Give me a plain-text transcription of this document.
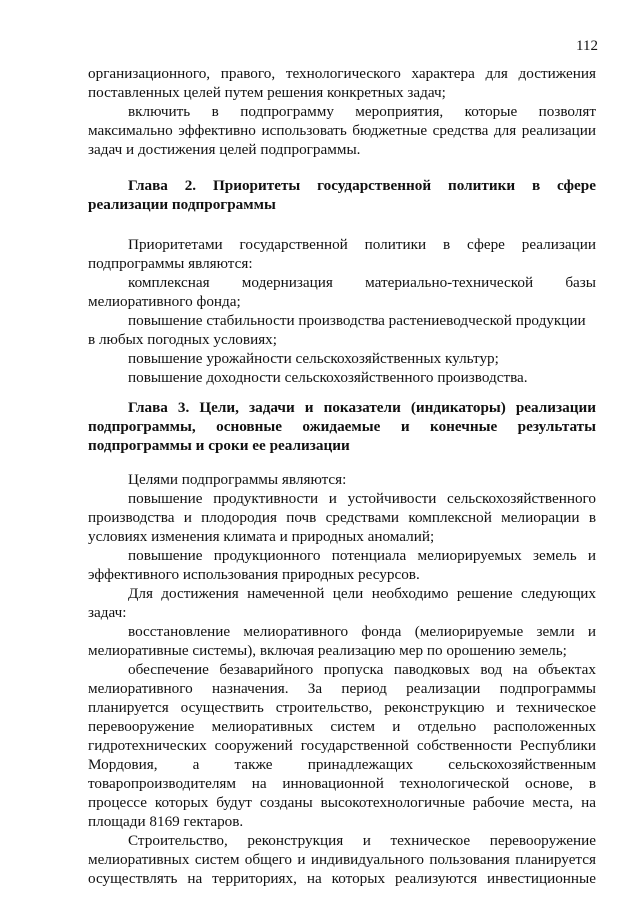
112
организационного, правого, технологического характера для достижения
поставленных целей путем решения конкретных задач;
включить в подпрограмму мероприятия, которые позволят
максимально эффективно использовать бюджетные средства для реализации
задач и достижения целей подпрограммы.
Глава 2. Приоритеты государственной политики в сфере
реализации подпрограммы
Приоритетами государственной политики в сфере реализации
подпрограммы являются:
комплексная модернизация материально-технической базы
мелиоративного фонда;
повышение стабильности производства растениеводческой продукции
в любых погодных условиях;
повышение урожайности сельскохозяйственных культур;
повышение доходности сельскохозяйственного производства.
Глава 3. Цели, задачи и показатели (индикаторы) реализации
подпрограммы, основные ожидаемые и конечные результаты
подпрограммы и сроки ее реализации
Целями подпрограммы являются:
повышение продуктивности и устойчивости сельскохозяйственного
производства и плодородия почв средствами комплексной мелиорации в
условиях изменения климата и природных аномалий;
повышение продукционного потенциала мелиорируемых земель и
эффективного использования природных ресурсов.
Для достижения намеченной цели необходимо решение следующих
задач:
восстановление мелиоративного фонда (мелиорируемые земли и
мелиоративные системы), включая реализацию мер по орошению земель;
обеспечение безаварийного пропуска паводковых вод на объектах
мелиоративного назначения. За период реализации подпрограммы
планируется осуществить строительство, реконструкцию и техническое
перевооружение мелиоративных систем и отдельно расположенных
гидротехнических сооружений государственной собственности Республики
Мордовия, а также принадлежащих сельскохозяйственным
товаропроизводителям на инновационной технологической основе, в
процессе которых будут созданы высокотехнологичные рабочие места, на
площади 8169 гектаров.
Строительство, реконструкция и техническое перевооружение
мелиоративных систем общего и индивидуального пользования планируется
осуществлять на территориях, на которых реализуются инвестиционные
